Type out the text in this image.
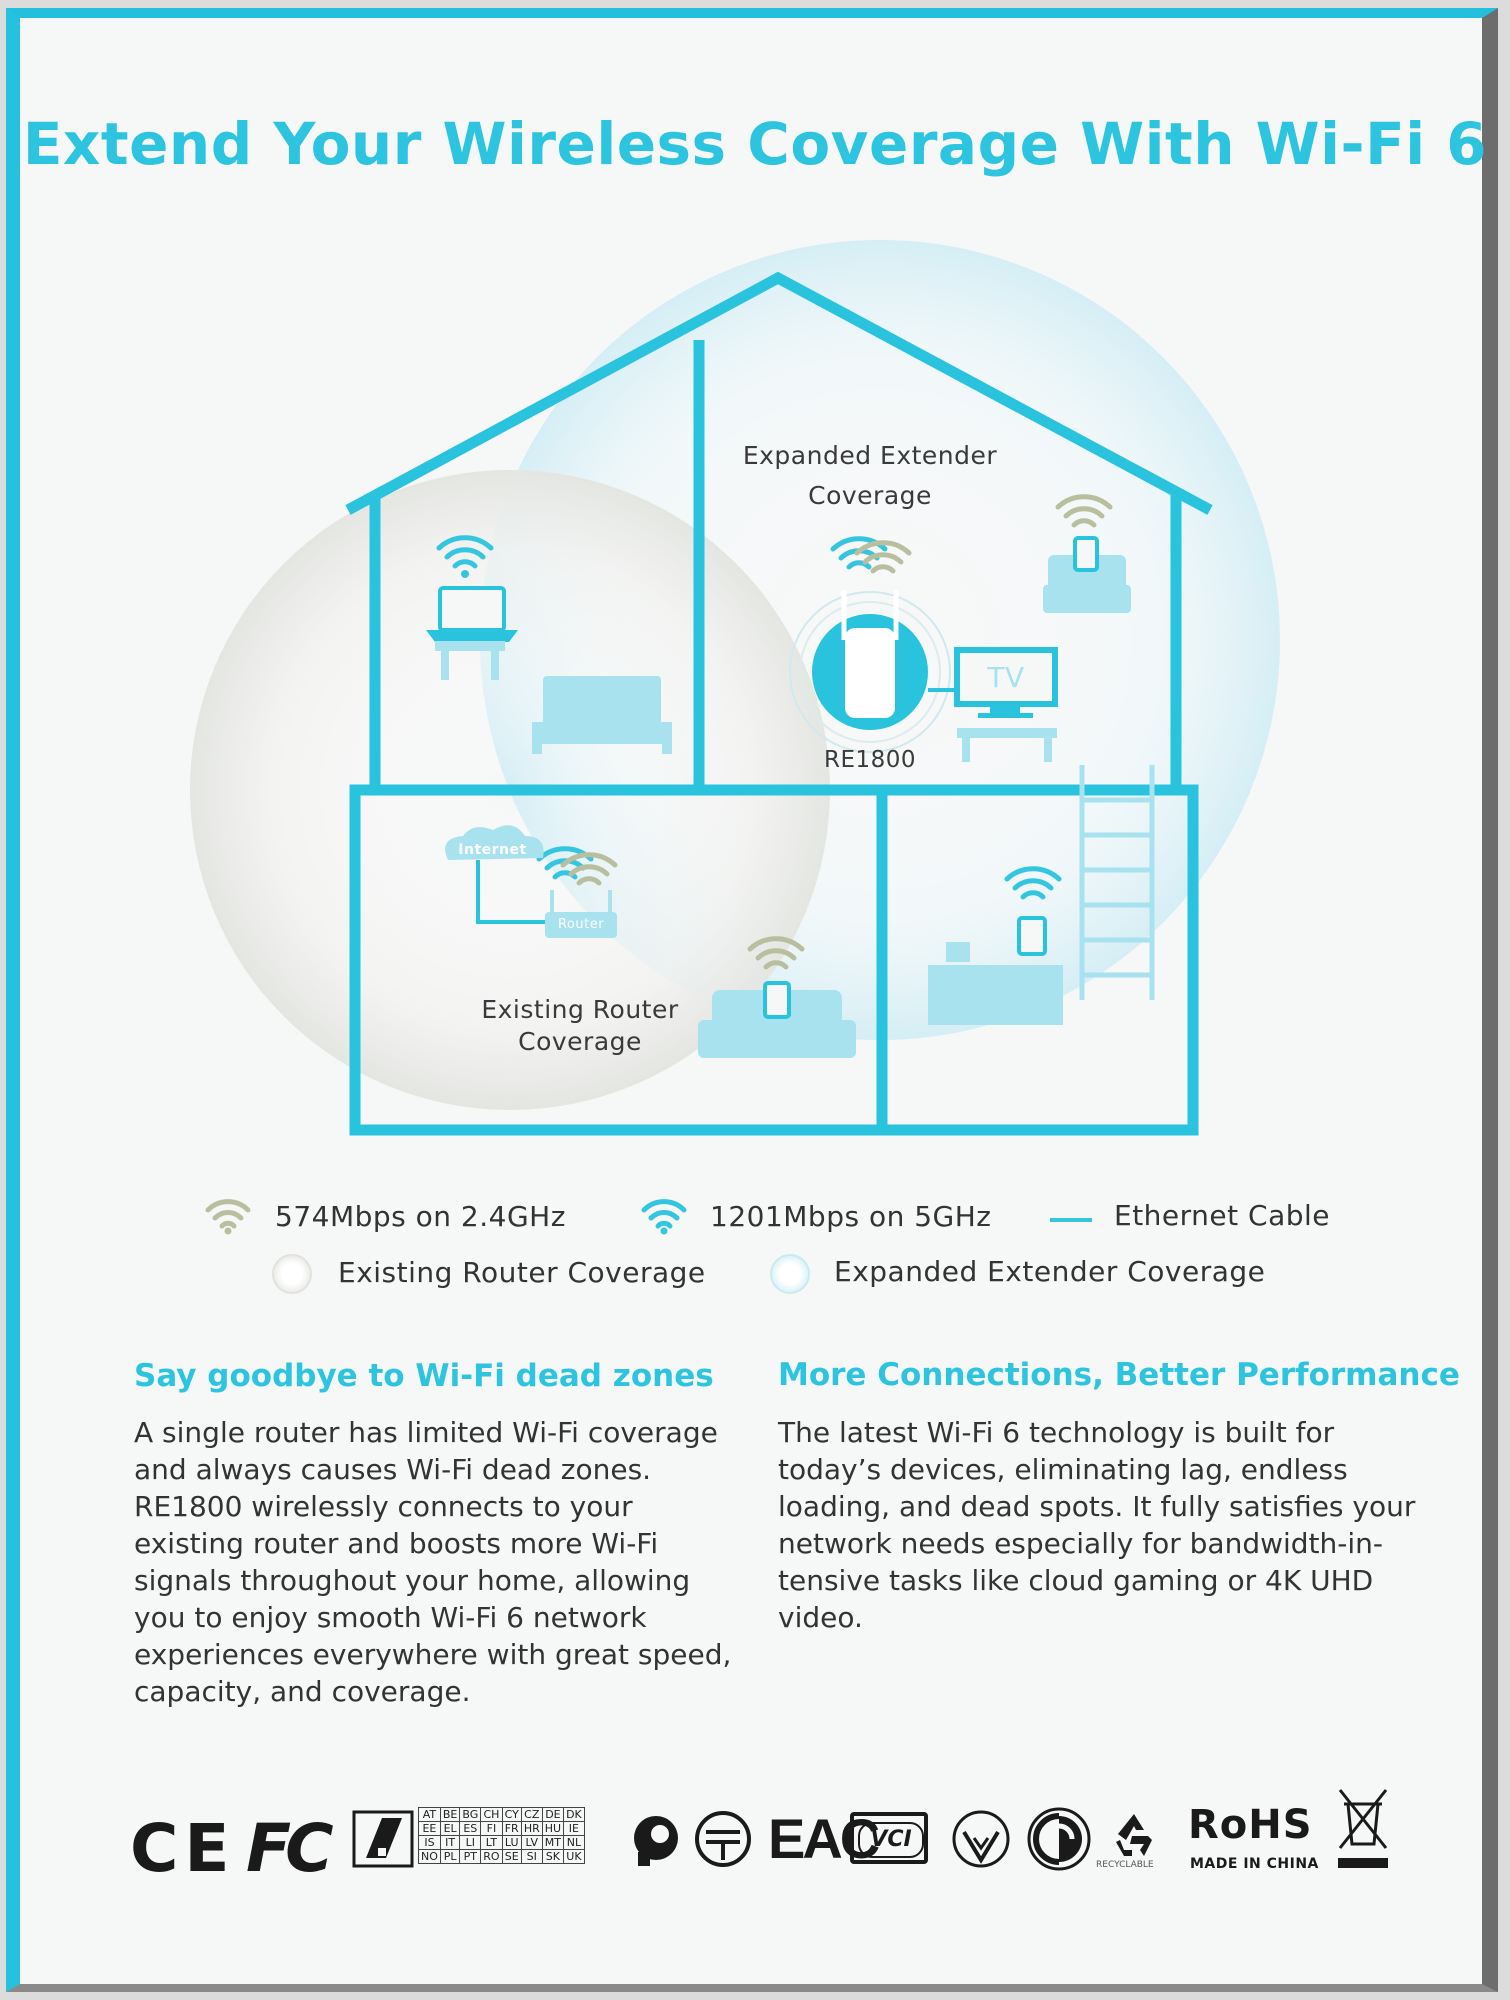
Extend Your Wireless Coverage With Wi-Fi 6
Expanded Extender
Coverage
RE1800
TV
Internet
Router
Existing Router
Coverage
574Mbps on 2.4GHz	1201Mbps on 5GHz	Ethernet Cable
Existing Router Coverage	Expanded Extender Coverage
Say goodbye to Wi-Fi dead zones
A single router has limited Wi-Fi coverage
and always causes Wi-Fi dead zones.
RE1800 wirelessly connects to your
existing router and boosts more Wi-Fi
signals throughout your home, allowing
you to enjoy smooth Wi-Fi 6 network
experiences everywhere with great speed,
capacity, and coverage.
More Connections, Better Performance
The latest Wi-Fi 6 technology is built for
today’s devices, eliminating lag, endless
loading, and dead spots. It fully satisfies your
network needs especially for bandwidth-in-
tensive tasks like cloud gaming or 4K UHD
video.
CE FC	AT	BE	BG	CH	CY	CZ	DE	DK
EE	EL	ES	FI	FR	HR	HU	IE
IS	IT	LI	LT	LU	LV	MT	NL
NO	PL	PT	RO	SE	SI	SK	UK	EAC
VCI
RECYCLABLE
RoHS
MADE IN CHINA
